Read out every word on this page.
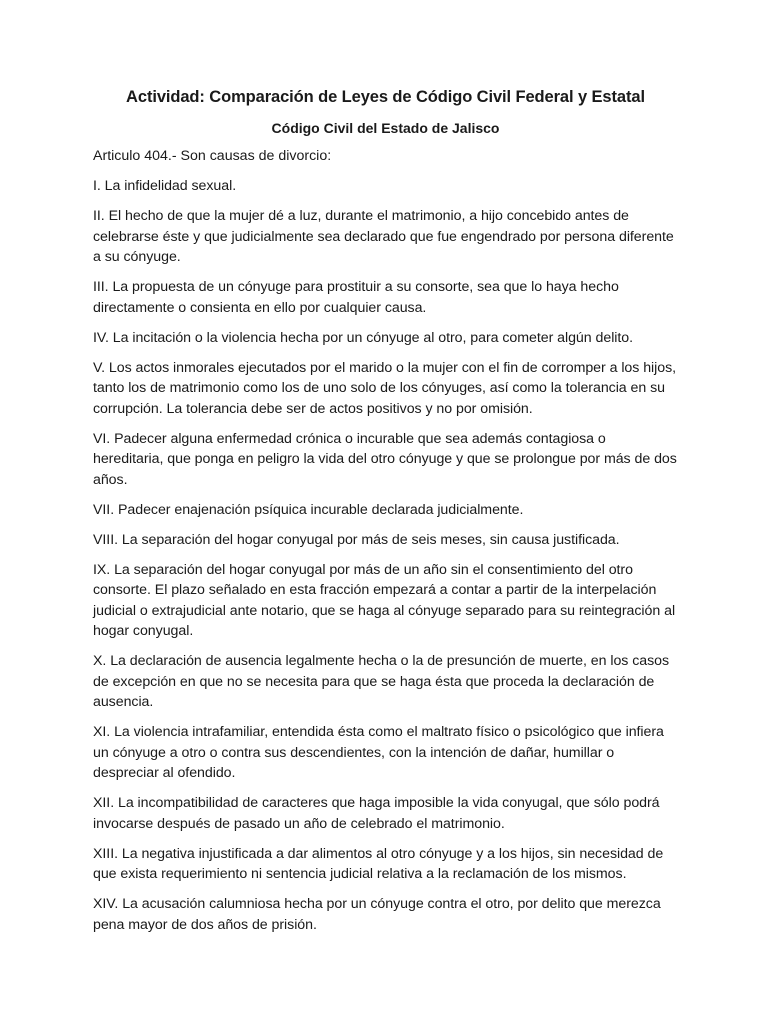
Actividad: Comparación de Leyes de Código Civil Federal y Estatal
Código Civil del Estado de Jalisco

Articulo 404.- Son causas de divorcio:

I. La infidelidad sexual.

II. El hecho de que la mujer dé a luz, durante el matrimonio, a hijo concebido antes de celebrarse éste y que judicialmente sea declarado que fue engendrado por persona diferente a su cónyuge.

III. La propuesta de un cónyuge para prostituir a su consorte, sea que lo haya hecho directamente o consienta en ello por cualquier causa.

IV. La incitación o la violencia hecha por un cónyuge al otro, para cometer algún delito.

V. Los actos inmorales ejecutados por el marido o la mujer con el fin de corromper a los hijos, tanto los de matrimonio como los de uno solo de los cónyuges, así como la tolerancia en su corrupción. La tolerancia debe ser de actos positivos y no por omisión.

VI. Padecer alguna enfermedad crónica o incurable que sea además contagiosa o hereditaria, que ponga en peligro la vida del otro cónyuge y que se prolongue por más de dos años.

VII. Padecer enajenación psíquica incurable declarada judicialmente.

VIII. La separación del hogar conyugal por más de seis meses, sin causa justificada.

IX. La separación del hogar conyugal por más de un año sin el consentimiento del otro consorte. El plazo señalado en esta fracción empezará a contar a partir de la interpelación judicial o extrajudicial ante notario, que se haga al cónyuge separado para su reintegración al hogar conyugal.

X. La declaración de ausencia legalmente hecha o la de presunción de muerte, en los casos de excepción en que no se necesita para que se haga ésta que proceda la declaración de ausencia.

XI. La violencia intrafamiliar, entendida ésta como el maltrato físico o psicológico que infiera un cónyuge a otro o contra sus descendientes, con la intención de dañar, humillar o despreciar al ofendido.

XII. La incompatibilidad de caracteres que haga imposible la vida conyugal, que sólo podrá invocarse después de pasado un año de celebrado el matrimonio.

XIII. La negativa injustificada a dar alimentos al otro cónyuge y a los hijos, sin necesidad de que exista requerimiento ni sentencia judicial relativa a la reclamación de los mismos.

XIV. La acusación calumniosa hecha por un cónyuge contra el otro, por delito que merezca pena mayor de dos años de prisión.
